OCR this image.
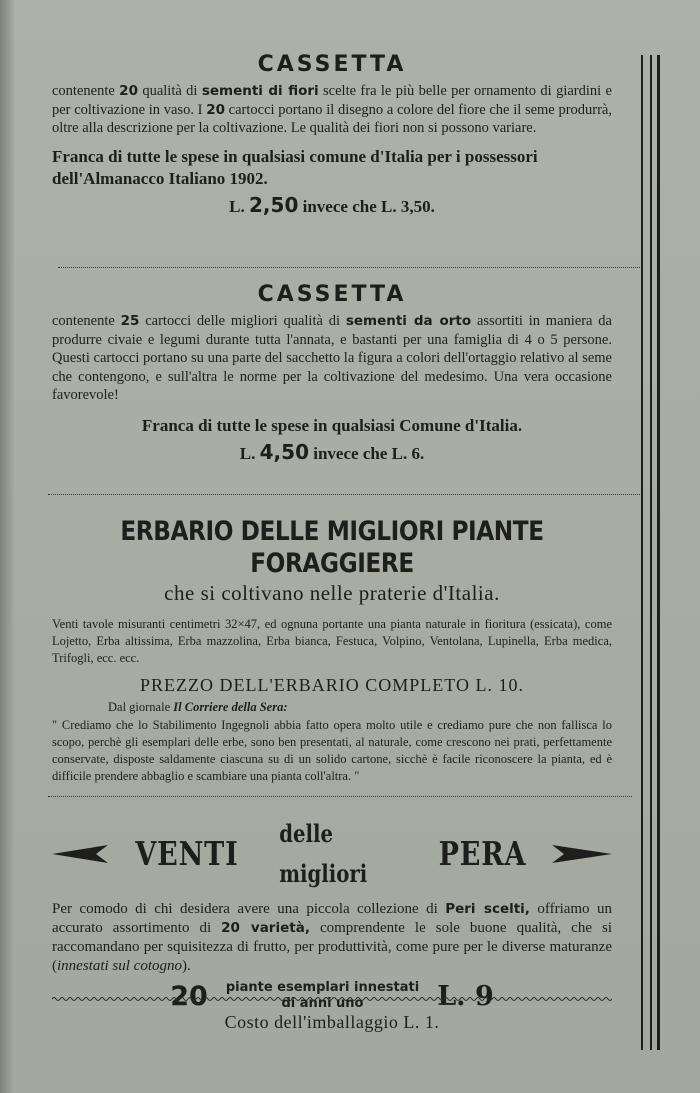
CASSETTA

contenente 20 qualità di sementi di fiori scelte fra le più belle per ornamento di giardini e per coltivazione in vaso. I 20 cartocci portano il disegno a colore del fiore che il seme produrrà, oltre alla descrizione per la coltivazione. Le qualità dei fiori non si possono variare.

Franca di tutte le spese in qualsiasi comune d'Italia per i possessori dell'Almanacco Italiano 1902.

L. 2,50 invece che L. 3,50.

CASSETTA

contenente 25 cartocci delle migliori qualità di sementi da orto assortiti in maniera da produrre civaie e legumi durante tutta l'annata, e bastanti per una famiglia di 4 o 5 persone. Questi cartocci portano su una parte del sacchetto la figura a colori dell'ortaggio relativo al seme che contengono, e sull'altra le norme per la coltivazione del medesimo. Una vera occasione favorevole!

Franca di tutte le spese in qualsiasi Comune d'Italia.

L. 4,50 invece che L. 6.

ERBARIO DELLE MIGLIORI PIANTE FORAGGIERE

che si coltivano nelle praterie d'Italia.

Venti tavole misuranti centimetri 32×47, ed ognuna portante una pianta naturale in fioritura (essicata), come Lojetto, Erba altissima, Erba mazzolina, Erba bianca, Festuca, Volpino, Ventolana, Lupinella, Erba medica, Trifogli, ecc. ecc.

PREZZO DELL'ERBARIO COMPLETO L. 10.

Dal giornale Il Corriere della Sera:

" Crediamo che lo Stabilimento Ingegnoli abbia fatto opera molto utile e crediamo pure che non fallisca lo scopo, perchè gli esemplari delle erbe, sono ben presentati, al naturale, come crescono nei prati, perfettamente conservate, disposte saldamente ciascuna su di un solido cartone, sicchè è facile riconoscere la pianta, ed è difficile prendere abbaglio e scambiare una pianta coll'altra. "

VENTI
delle migliori
PERA

Per comodo di chi desidera avere una piccola collezione di Peri scelti, offriamo un accurato assortimento di 20 varietà, comprendente le sole buone qualità, che si raccomandano per squisitezza di frutto, per produttività, come pure per le diverse maturanze (innestati sul cotogno).

20 piante esemplari innestati
di anni uno	L. 9
Costo dell'imballaggio L. 1.
